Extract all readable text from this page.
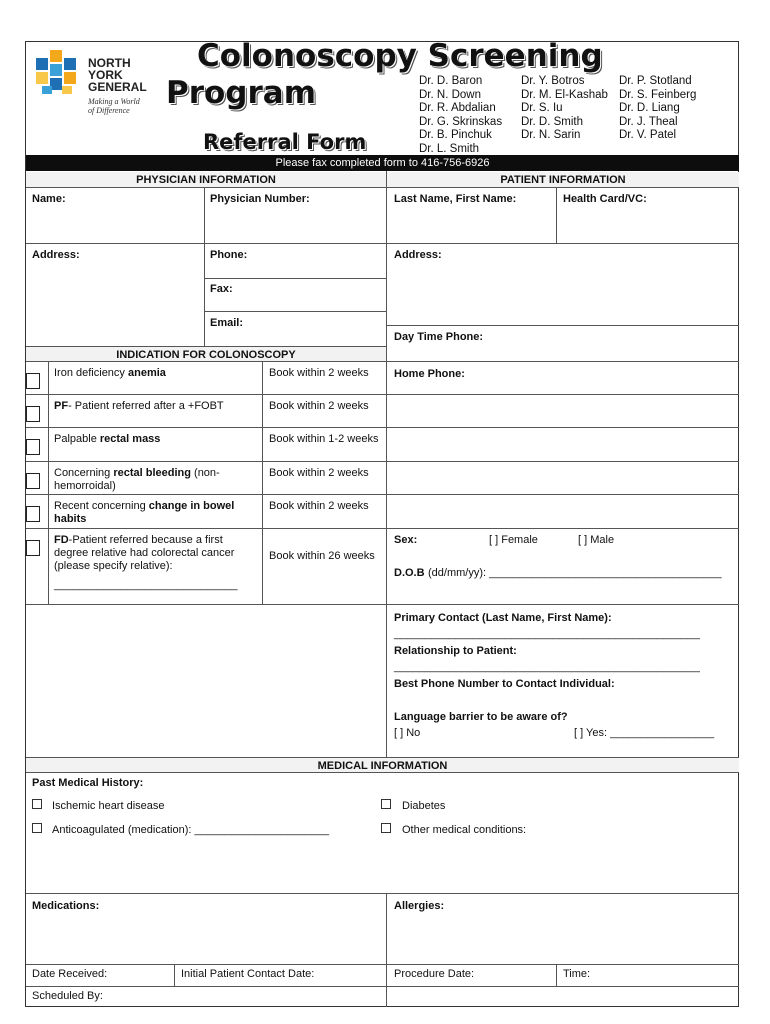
NORTH
YORK
GENERAL
Making a World
of Difference
Colonoscopy Screening
Program
Referral Form
Dr. D. Baron
Dr. N. Down
Dr. R. Abdalian
Dr. G. Skrinskas
Dr. B. Pinchuk
Dr. L. Smith
Dr. Y. Botros
Dr. M. El-Kashab
Dr. S. Iu
Dr. D. Smith
Dr. N. Sarin
Dr. P. Stotland
Dr. S. Feinberg
Dr. D. Liang
Dr. J. Theal
Dr. V. Patel
Please fax completed form to 416-756-6926
PHYSICIAN INFORMATION	PATIENT INFORMATION
Name:	Physician Number:	Last Name, First Name:	Health Card/VC:
Address:	Phone:	Address:
Fax:
Email:
Day Time Phone:
INDICATION FOR COLONOSCOPY
Iron deficiency anemia	Book within 2 weeks
PF- Patient referred after a +FOBT	Book within 2 weeks
Palpable rectal mass	Book within 1-2 weeks
Concerning rectal bleeding (non-hemorroidal)
Book within 2 weeks
Recent concerning change in bowel habits
Book within 2 weeks
FD-Patient referred because a first degree relative had colorectal cancer (please specify relative):
Book within 26 weeks
______________________________
Home Phone:
Sex:	[ ] Female	[ ] Male
D.O.B (dd/mm/yy): ______________________________________
Primary Contact (Last Name, First Name):
__________________________________________________
Relationship to Patient:
__________________________________________________
Best Phone Number to Contact Individual:
Language barrier to be aware of?
[ ] No	[ ] Yes: _________________
MEDICAL INFORMATION
Past Medical History:
Ischemic heart disease	Diabetes
Anticoagulated (medication): ______________________	Other medical conditions:
Medications:	Allergies:
Date Received:	Initial Patient Contact Date:	Procedure Date:	Time:
Scheduled By:
